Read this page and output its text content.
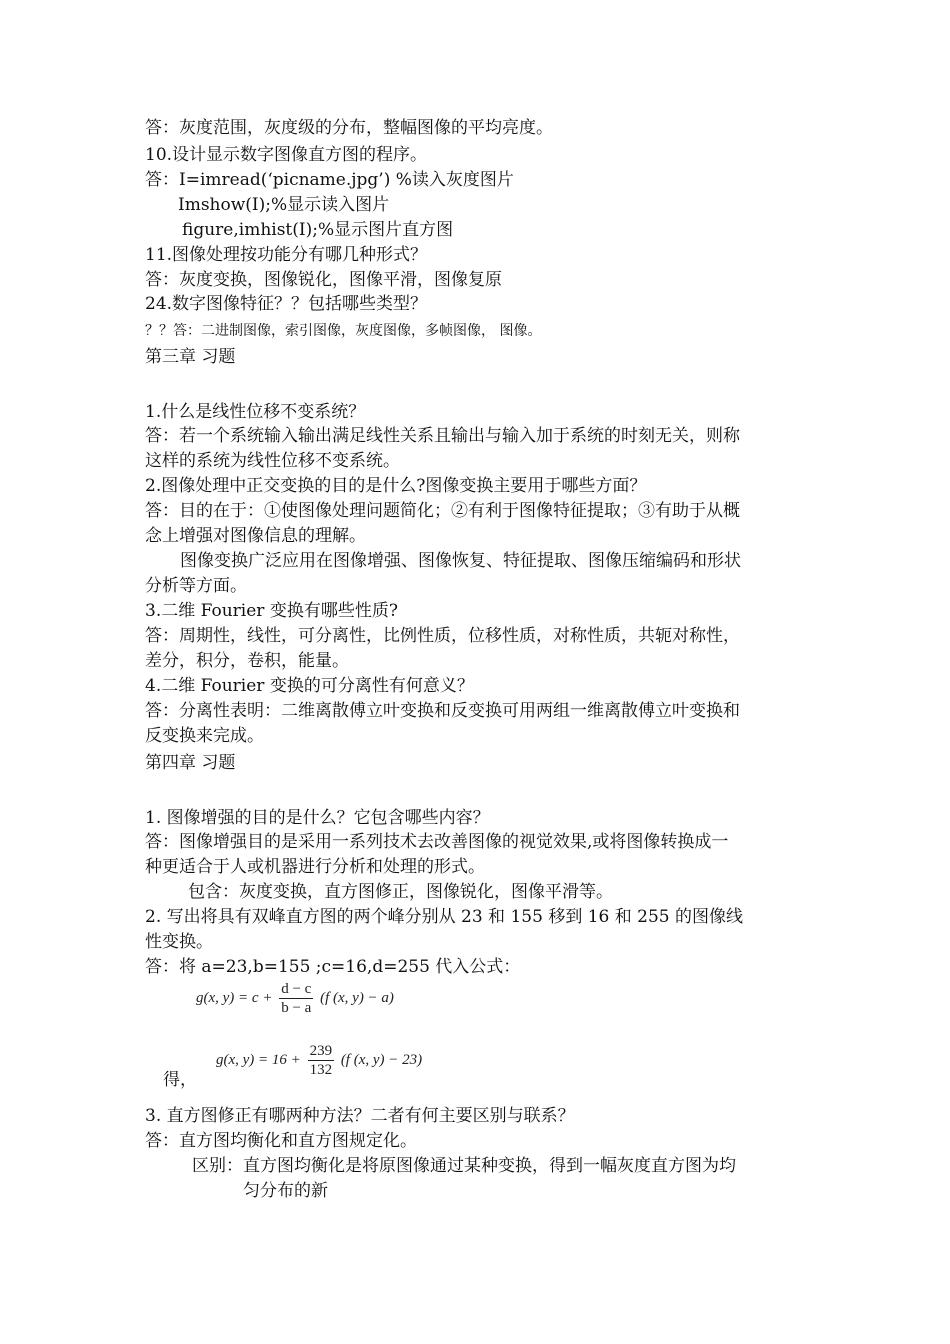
答：灰度范围，灰度级的分布，整幅图像的平均亮度。
10.设计显示数字图像直方图的程序。
答：I=imread(‘picname.jpg’) %读入灰度图片
Imshow(I);%显示读入图片
figure,imhist(I);%显示图片直方图
11.图像处理按功能分有哪几种形式？
答：灰度变换，图像锐化，图像平滑，图像复原
24.数字图像特征？？包括哪些类型？
？？答：二进制图像，索引图像，灰度图像，多帧图像， 图像。
第三章 习题
1.什么是线性位移不变系统？
答：若一个系统输入输出满足线性关系且输出与输入加于系统的时刻无关，则称
这样的系统为线性位移不变系统。
2.图像处理中正交变换的目的是什么?图像变换主要用于哪些方面？
答：目的在于：①使图像处理问题简化；②有利于图像特征提取；③有助于从概
念上增强对图像信息的理解。
图像变换广泛应用在图像增强、图像恢复、特征提取、图像压缩编码和形状
分析等方面。
3.二维 Fourier 变换有哪些性质?
答：周期性，线性，可分离性，比例性质，位移性质，对称性质，共轭对称性，
差分，积分，卷积，能量。
4.二维 Fourier 变换的可分离性有何意义？
答：分离性表明：二维离散傅立叶变换和反变换可用两组一维离散傅立叶变换和
反变换来完成。
第四章 习题
1. 图像增强的目的是什么？它包含哪些内容？
答：图像增强目的是采用一系列技术去改善图像的视觉效果,或将图像转换成一
种更适合于人或机器进行分析和处理的形式。
包含：灰度变换，直方图修正，图像锐化，图像平滑等。
2. 写出将具有双峰直方图的两个峰分别从 23 和 155 移到 16 和 255 的图像线
性变换。
答：将 a=23,b=155 ;c=16,d=255 代入公式：
g(x, $y) = c + \frac{d - c}{b - a} (f$ (x, y) − a)
得，
g(x, $y) = 16 + \frac{239}{132} (f$ (x, y) − 23)
3. 直方图修正有哪两种方法？二者有何主要区别与联系？
答：直方图均衡化和直方图规定化。
区别：直方图均衡化是将原图像通过某种变换，得到一幅灰度直方图为均
匀分布的新
